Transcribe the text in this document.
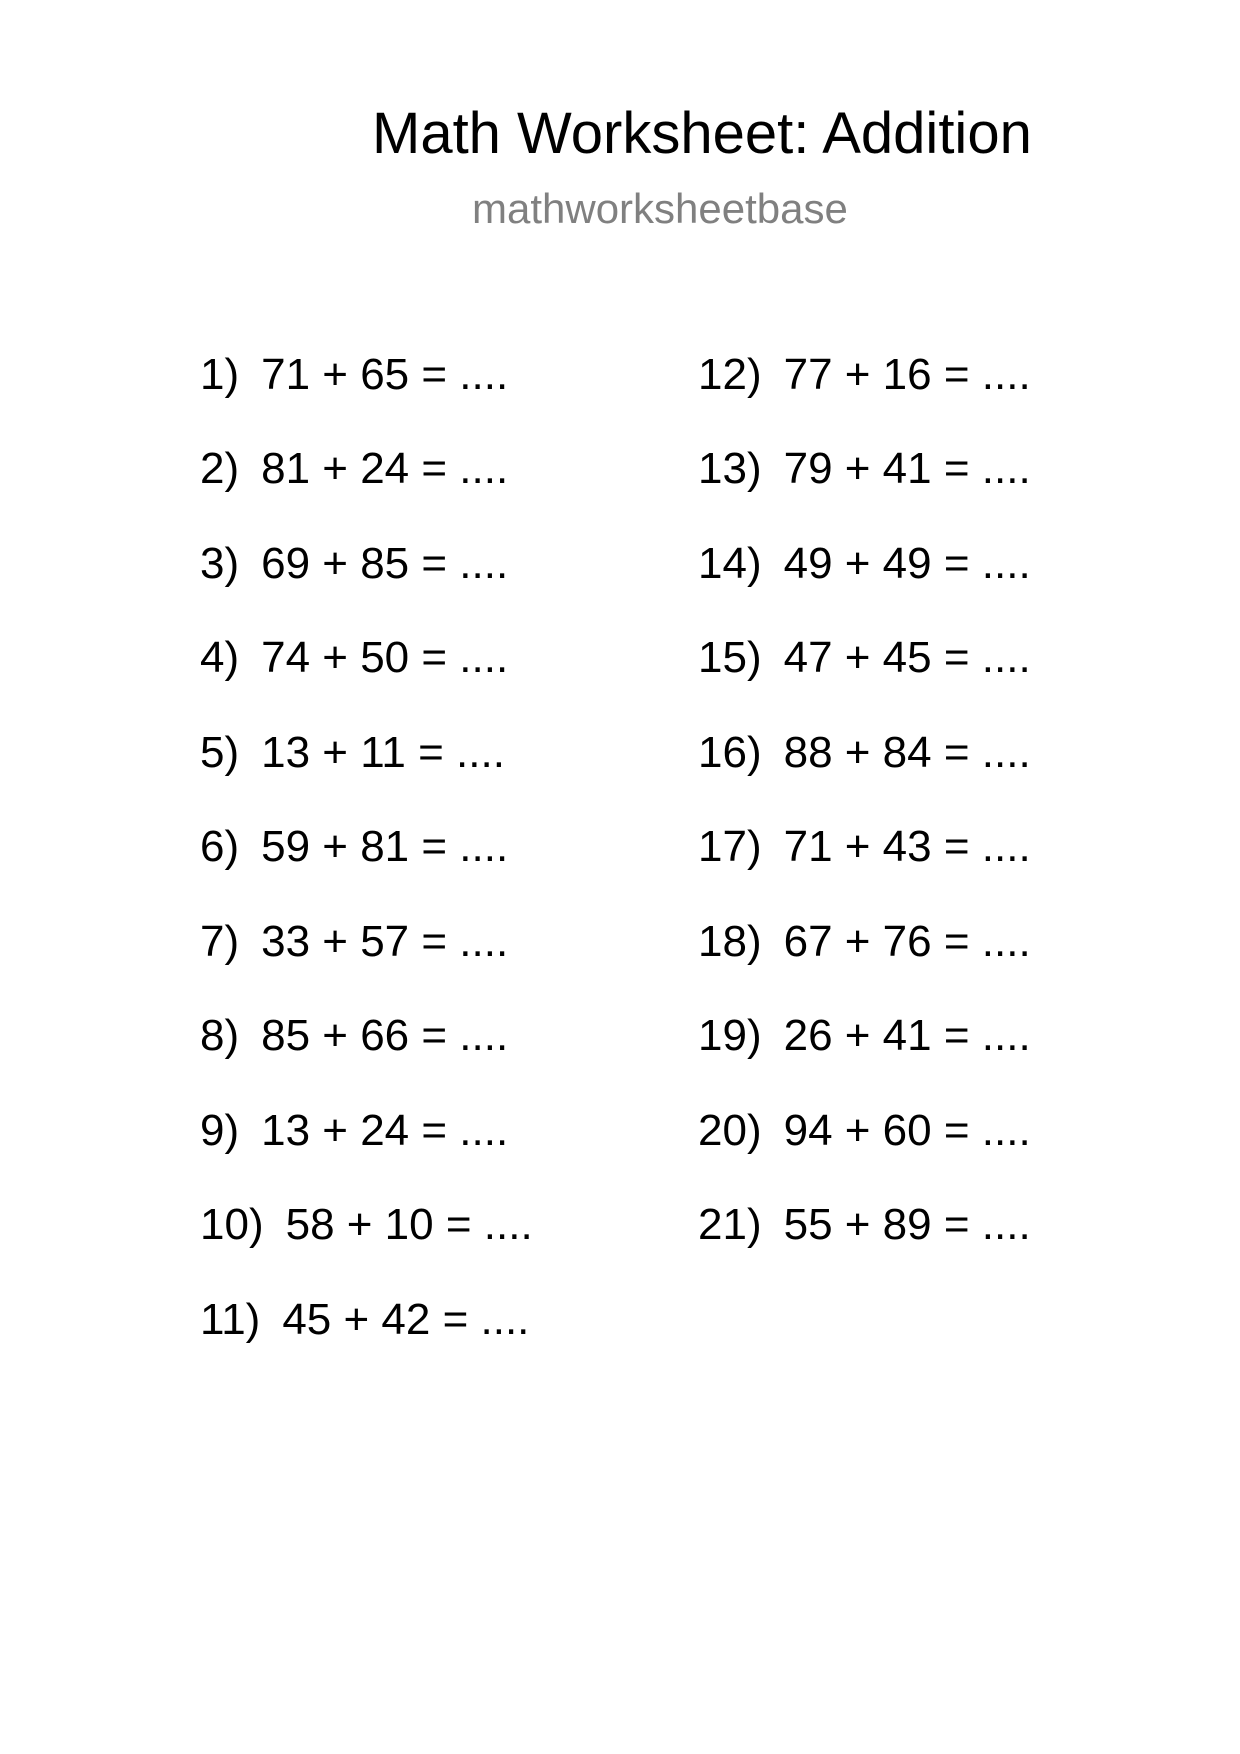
Math Worksheet: Addition
mathworksheetbase
1) 71 + 65 = ....
2) 81 + 24 = ....
3) 69 + 85 = ....
4) 74 + 50 = ....
5) 13 + 11 = ....
6) 59 + 81 = ....
7) 33 + 57 = ....
8) 85 + 66 = ....
9) 13 + 24 = ....
10) 58 + 10 = ....
11) 45 + 42 = ....
12) 77 + 16 = ....
13) 79 + 41 = ....
14) 49 + 49 = ....
15) 47 + 45 = ....
16) 88 + 84 = ....
17) 71 + 43 = ....
18) 67 + 76 = ....
19) 26 + 41 = ....
20) 94 + 60 = ....
21) 55 + 89 = ....
